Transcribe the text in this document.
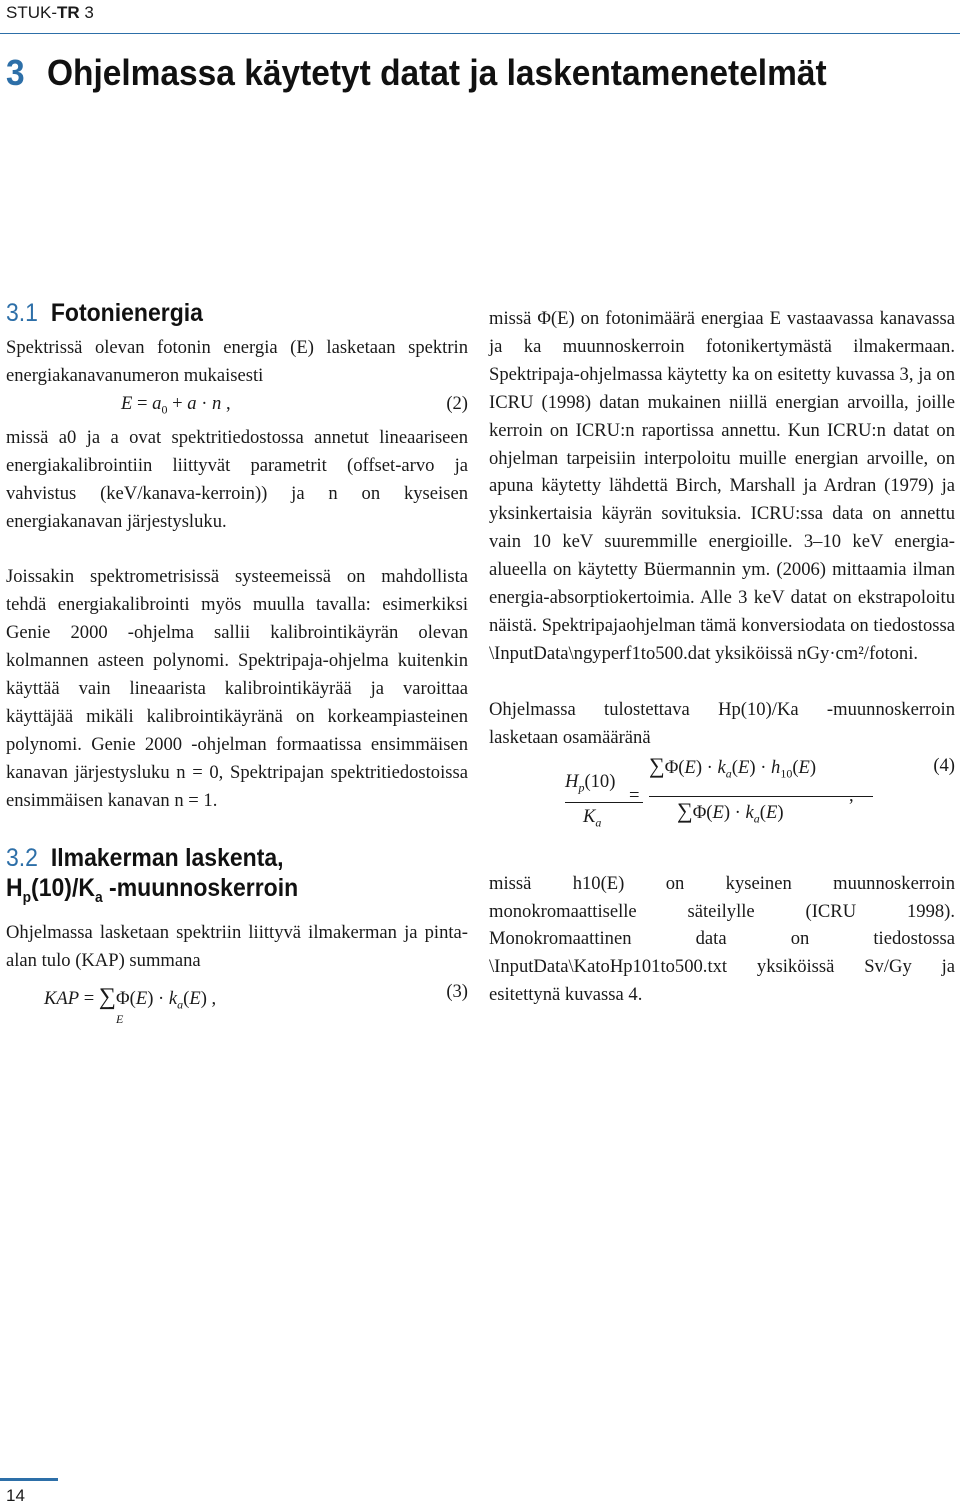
STUK-TR 3
3 Ohjelmassa käytetyt datat ja laskentamenetelmät
3.1 Fotonienergia

Spektrissä olevan fotonin energia (E) lasketaan spektrin energiakanavanumeron mukaisesti

$E = a_0 + a \cdot n$ ,	(2)

missä a0 ja a ovat spektritiedostossa annetut lineaariseen energiakalibrointiin liittyvät parametrit (offset-arvo ja vahvistus (keV/kanava-kerroin)) ja n on kyseisen energiakanavan järjestysluku.

Joissakin spektrometrisissä systeemeissä on mahdollista tehdä energiakalibrointi myös muulla tavalla: esimerkiksi Genie 2000 -ohjelma sallii kalibrointikäyrän olevan kolmannen asteen polynomi. Spektripaja-ohjelma kuitenkin käyttää vain lineaarista kalibrointikäyrää ja varoittaa käyttäjää mikäli kalibrointikäyränä on korkeampiasteinen polynomi. Genie 2000 -ohjelman formaatissa ensimmäisen kanavan järjestysluku n = 0, Spektripajan spektritiedostoissa ensimmäisen kanavan n = 1.

3.2 Ilmakerman laskenta,
$H_p(10)/K_a$ -muunnoskerroin

Ohjelmassa lasketaan spektriin liittyvä ilmakerman ja pinta-alan tulo (KAP) summana

KAP = $\sum\Phi(E) \cdot k_a(E)$ ,
E
(3)

missä Φ(E) on fotonimäärä energiaa E vastaavassa kanavassa ja ka muunnoskerroin fotonikertymästä ilmakermaan. Spektripaja-ohjelmassa käytetty ka on esitetty kuvassa 3, ja on ICRU (1998) datan mukainen niillä energian arvoilla, joille kerroin on ICRU:n raportissa annettu. Kun ICRU:n datat on ohjelman tarpeisiin interpoloitu muille energian arvoille, on apuna käytetty lähdettä Birch, Marshall ja Ardran (1979) ja yksinkertaisia käyrän sovituksia. ICRU:ssa data on annettu vain 10 keV suuremmille energioille. 3–10 keV energia-alueella on käytetty Büermannin ym. (2006) mittaamia ilman energia-absorptiokertoimia. Alle 3 keV datat on ekstrapoloitu näistä. Spektripajaohjelman tämä konversiodata on tiedostossa \InputData\ngyperf1to500.dat yksiköissä nGy·cm²/fotoni.

Ohjelmassa tulostettava Hp(10)/Ka -muunnoskerroin lasketaan osamääränä

$\frac{H_p(10)}{K_a}$
= $\frac{\sum\Phi(E) \cdot k_a(E) \cdot h_{10}(E)}{\sum\Phi(E) \cdot k_a(E)}$
,
(4)

missä h10(E) on kyseinen muunnoskerroin monokromaattiselle säteilylle (ICRU 1998). Monokromaattinen data on tiedostossa \InputData\KatoHp101to500.txt yksiköissä Sv/Gy ja esitettynä kuvassa 4.

14
